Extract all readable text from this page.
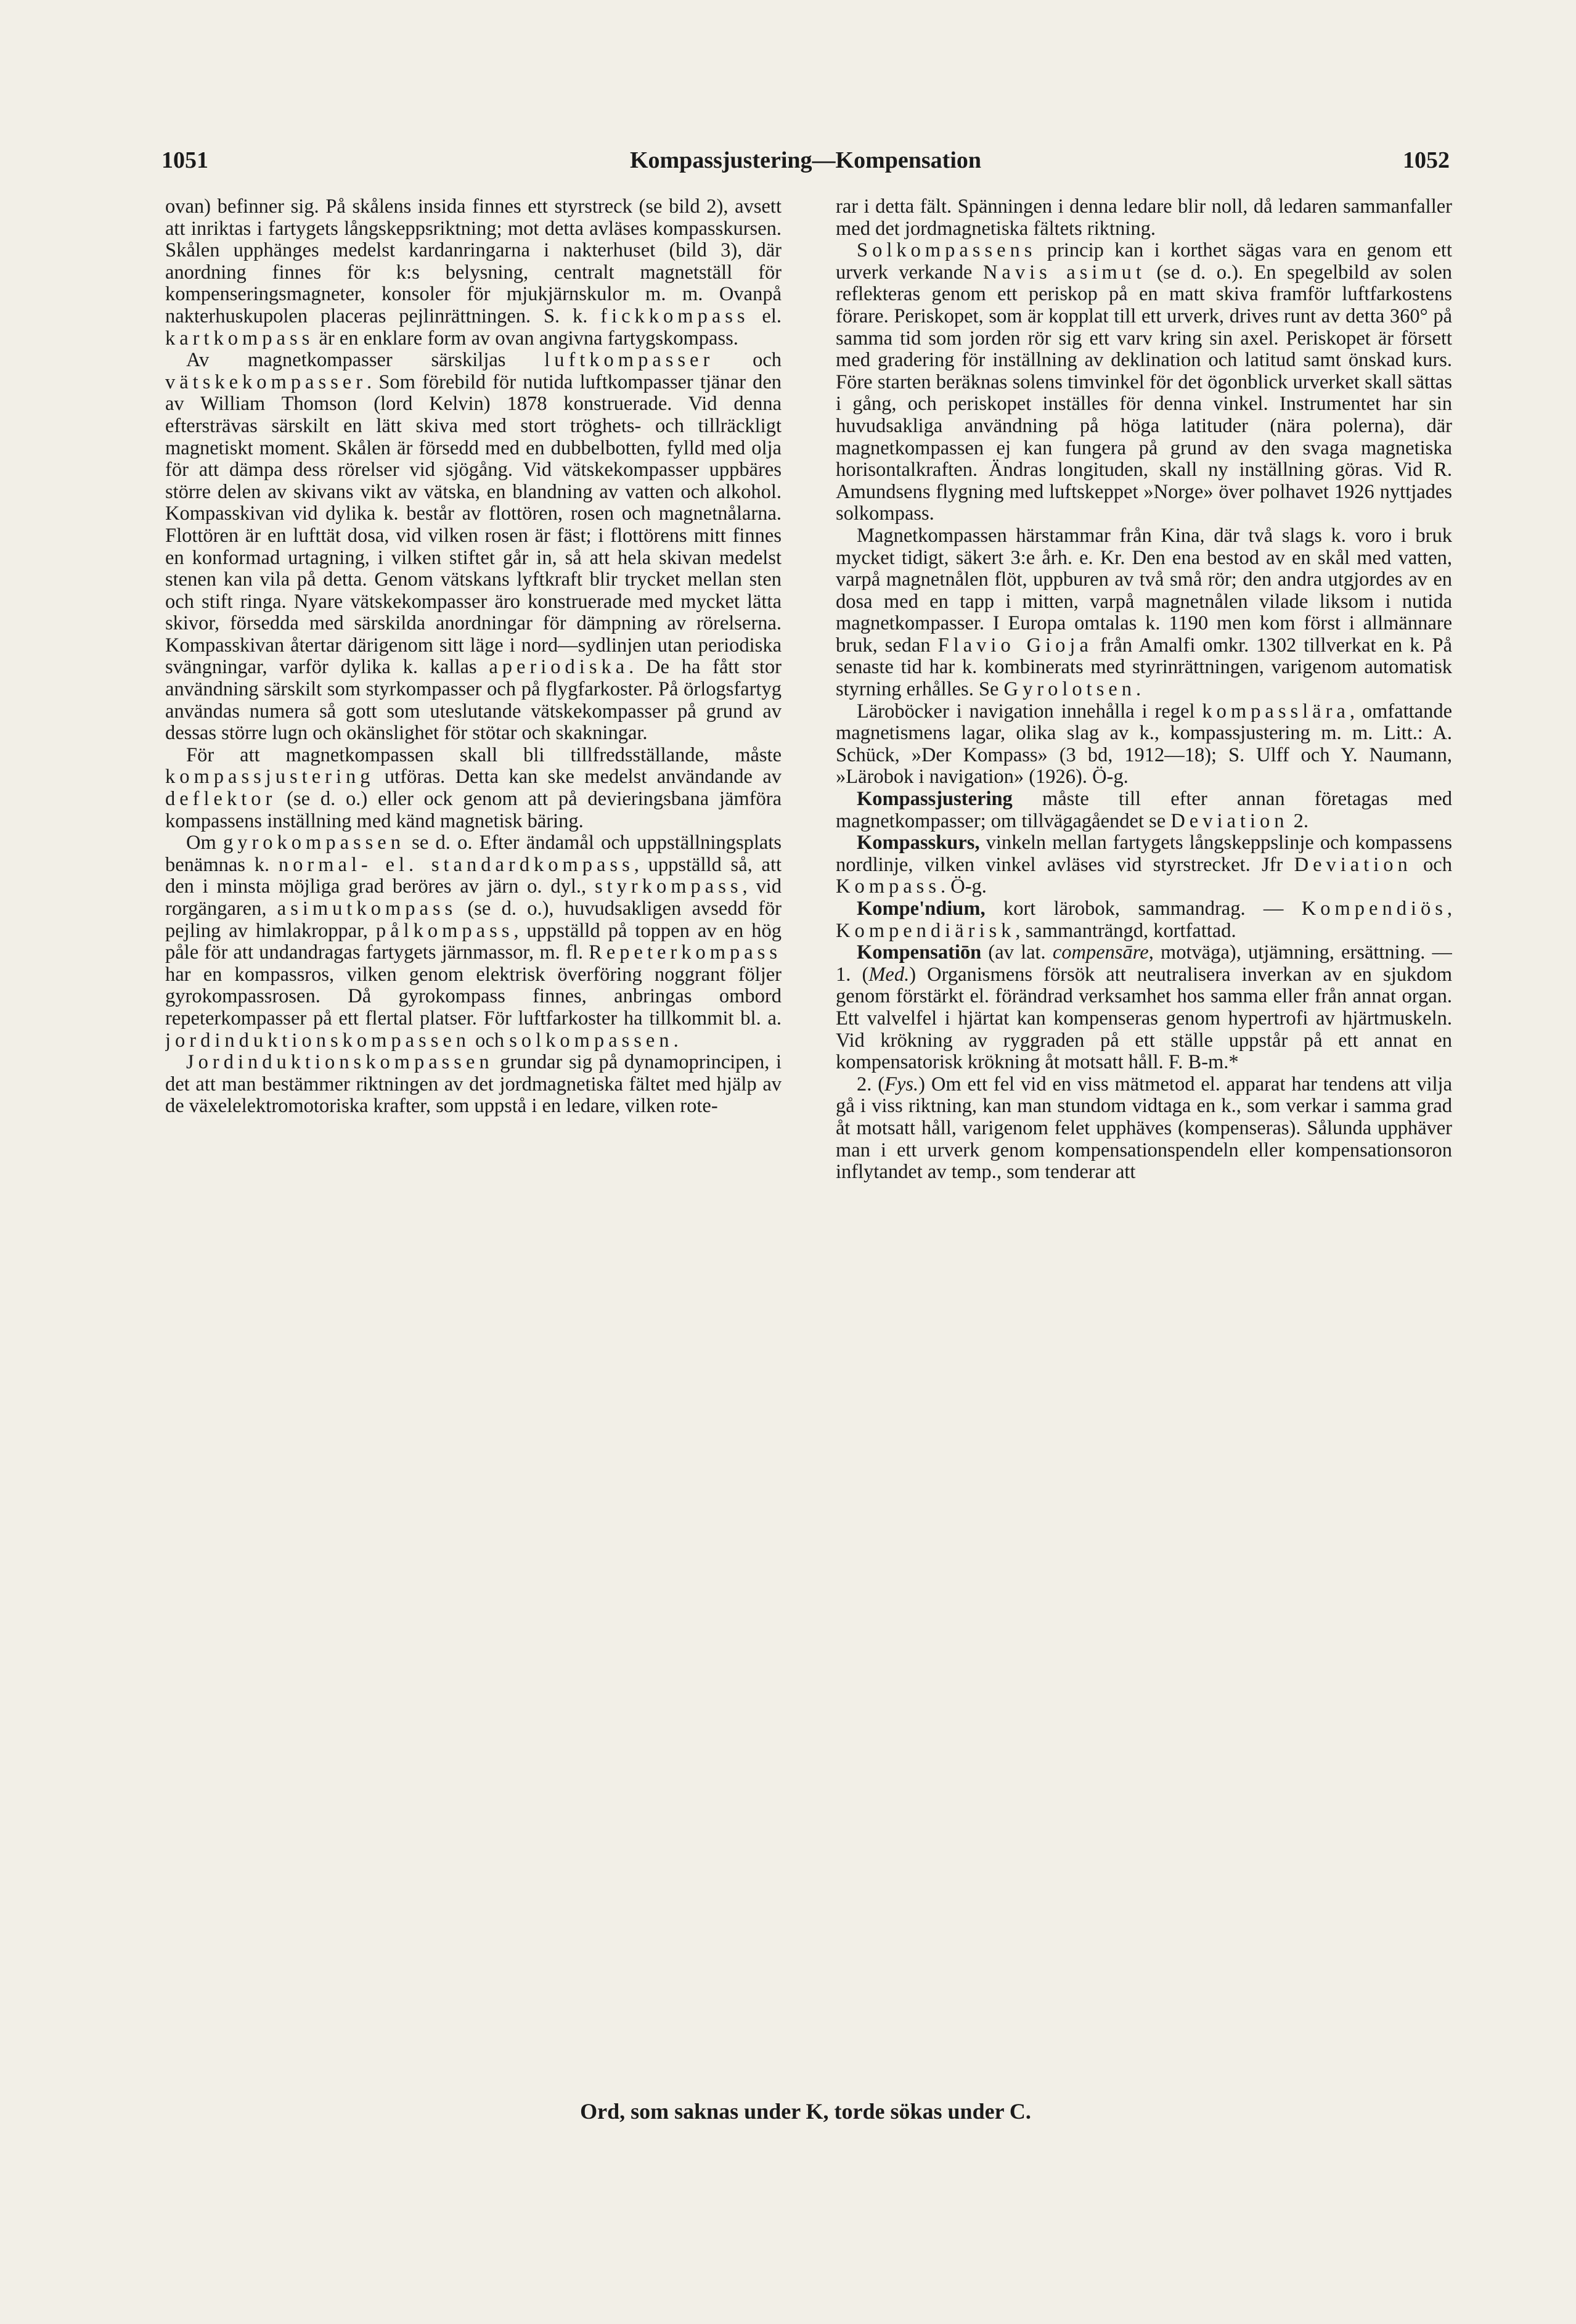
1051	Kompassjustering—Kompensation	1052

ovan) befinner sig. På skålens insida finnes ett styrstreck (se bild 2), avsett att inriktas i fartygets långskeppsriktning; mot detta avläses kompasskursen. Skålen upphänges medelst kardanringarna i nakterhuset (bild 3), där anordning finnes för k:s belysning, centralt magnetställ för kompenseringsmagneter, konsoler för mjukjärnskulor m. m. Ovanpå nakterhuskupolen placeras pejlinrättningen. S. k. fickkompass el. kartkompass är en enklare form av ovan angivna fartygskompass.

Av magnetkompasser särskiljas luftkompasser och vätskekompasser. Som förebild för nutida luftkompasser tjänar den av William Thomson (lord Kelvin) 1878 konstruerade. Vid denna eftersträvas särskilt en lätt skiva med stort tröghets- och tillräckligt magnetiskt moment. Skålen är försedd med en dubbelbotten, fylld med olja för att dämpa dess rörelser vid sjögång. Vid vätskekompasser uppbäres större delen av skivans vikt av vätska, en blandning av vatten och alkohol. Kompasskivan vid dylika k. består av flottören, rosen och magnetnålarna. Flottören är en lufttät dosa, vid vilken rosen är fäst; i flottörens mitt finnes en konformad urtagning, i vilken stiftet går in, så att hela skivan medelst stenen kan vila på detta. Genom vätskans lyftkraft blir trycket mellan sten och stift ringa. Nyare vätskekompasser äro konstruerade med mycket lätta skivor, försedda med särskilda anordningar för dämpning av rörelserna. Kompasskivan återtar därigenom sitt läge i nord—sydlinjen utan periodiska svängningar, varför dylika k. kallas aperiodiska. De ha fått stor användning särskilt som styrkompasser och på flygfarkoster. På örlogsfartyg användas numera så gott som uteslutande vätskekompasser på grund av dessas större lugn och okänslighet för stötar och skakningar.

För att magnetkompassen skall bli tillfredsställande, måste kompassjustering utföras. Detta kan ske medelst användande av deflektor (se d. o.) eller ock genom att på devieringsbana jämföra kompassens inställning med känd magnetisk bäring.

Om gyrokompassen se d. o. Efter ändamål och uppställningsplats benämnas k. normal- el. standardkompass, uppställd så, att den i minsta möjliga grad beröres av järn o. dyl., styrkompass, vid rorgängaren, asimutkompass (se d. o.), huvudsakligen avsedd för pejling av himlakroppar, pålkompass, uppställd på toppen av en hög påle för att undandragas fartygets järnmassor, m. fl. Repeterkompass har en kompassros, vilken genom elektrisk överföring noggrant följer gyrokompassrosen. Då gyrokompass finnes, anbringas ombord repeterkompasser på ett flertal platser. För luftfarkoster ha tillkommit bl. a. jordinduktionskompassen och solkompassen.

Jordinduktionskompassen grundar sig på dynamoprincipen, i det att man bestämmer riktningen av det jordmagnetiska fältet med hjälp av de växelelektromotoriska krafter, som uppstå i en ledare, vilken rote-

rar i detta fält. Spänningen i denna ledare blir noll, då ledaren sammanfaller med det jordmagnetiska fältets riktning.

Solkompassens princip kan i korthet sägas vara en genom ett urverk verkande Navis asimut (se d. o.). En spegelbild av solen reflekteras genom ett periskop på en matt skiva framför luftfarkostens förare. Periskopet, som är kopplat till ett urverk, drives runt av detta 360° på samma tid som jorden rör sig ett varv kring sin axel. Periskopet är försett med gradering för inställning av deklination och latitud samt önskad kurs. Före starten beräknas solens timvinkel för det ögonblick urverket skall sättas i gång, och periskopet inställes för denna vinkel. Instrumentet har sin huvudsakliga användning på höga latituder (nära polerna), där magnetkompassen ej kan fungera på grund av den svaga magnetiska horisontalkraften. Ändras longituden, skall ny inställning göras. Vid R. Amundsens flygning med luftskeppet »Norge» över polhavet 1926 nyttjades solkompass.

Magnetkompassen härstammar från Kina, där två slags k. voro i bruk mycket tidigt, säkert 3:e årh. e. Kr. Den ena bestod av en skål med vatten, varpå magnetnålen flöt, uppburen av två små rör; den andra utgjordes av en dosa med en tapp i mitten, varpå magnetnålen vilade liksom i nutida magnetkompasser. I Europa omtalas k. 1190 men kom först i allmännare bruk, sedan Flavio Gioja från Amalfi omkr. 1302 tillverkat en k. På senaste tid har k. kombinerats med styrinrättningen, varigenom automatisk styrning erhålles. Se Gyrolotsen.

Läroböcker i navigation innehålla i regel kompasslära, omfattande magnetismens lagar, olika slag av k., kompassjustering m. m. Litt.: A. Schück, »Der Kompass» (3 bd, 1912—18); S. Ulff och Y. Naumann, »Lärobok i navigation» (1926). Ö-g.

Kompassjustering måste till efter annan företagas med magnetkompasser; om tillvägagåendet se Deviation 2.

Kompasskurs, vinkeln mellan fartygets långskeppslinje och kompassens nordlinje, vilken vinkel avläses vid styrstrecket. Jfr Deviation och Kompass. Ö-g.

Kompe'ndium, kort lärobok, sammandrag. — Kompendiös, Kompendiärisk, sammanträngd, kortfattad.

Kompensatiōn (av lat. compensāre, motväga), utjämning, ersättning. — 1. (Med.) Organismens försök att neutralisera inverkan av en sjukdom genom förstärkt el. förändrad verksamhet hos samma eller från annat organ. Ett valvelfel i hjärtat kan kompenseras genom hypertrofi av hjärtmuskeln. Vid krökning av ryggraden på ett ställe uppstår på ett annat en kompensatorisk krökning åt motsatt håll. F. B-m.*

2. (Fys.) Om ett fel vid en viss mätmetod el. apparat har tendens att vilja gå i viss riktning, kan man stundom vidtaga en k., som verkar i samma grad åt motsatt håll, varigenom felet upphäves (kompenseras). Sålunda upphäver man i ett urverk genom kompensationspendeln eller kompensationsoron inflytandet av temp., som tenderar att

Ord, som saknas under K, torde sökas under C.
